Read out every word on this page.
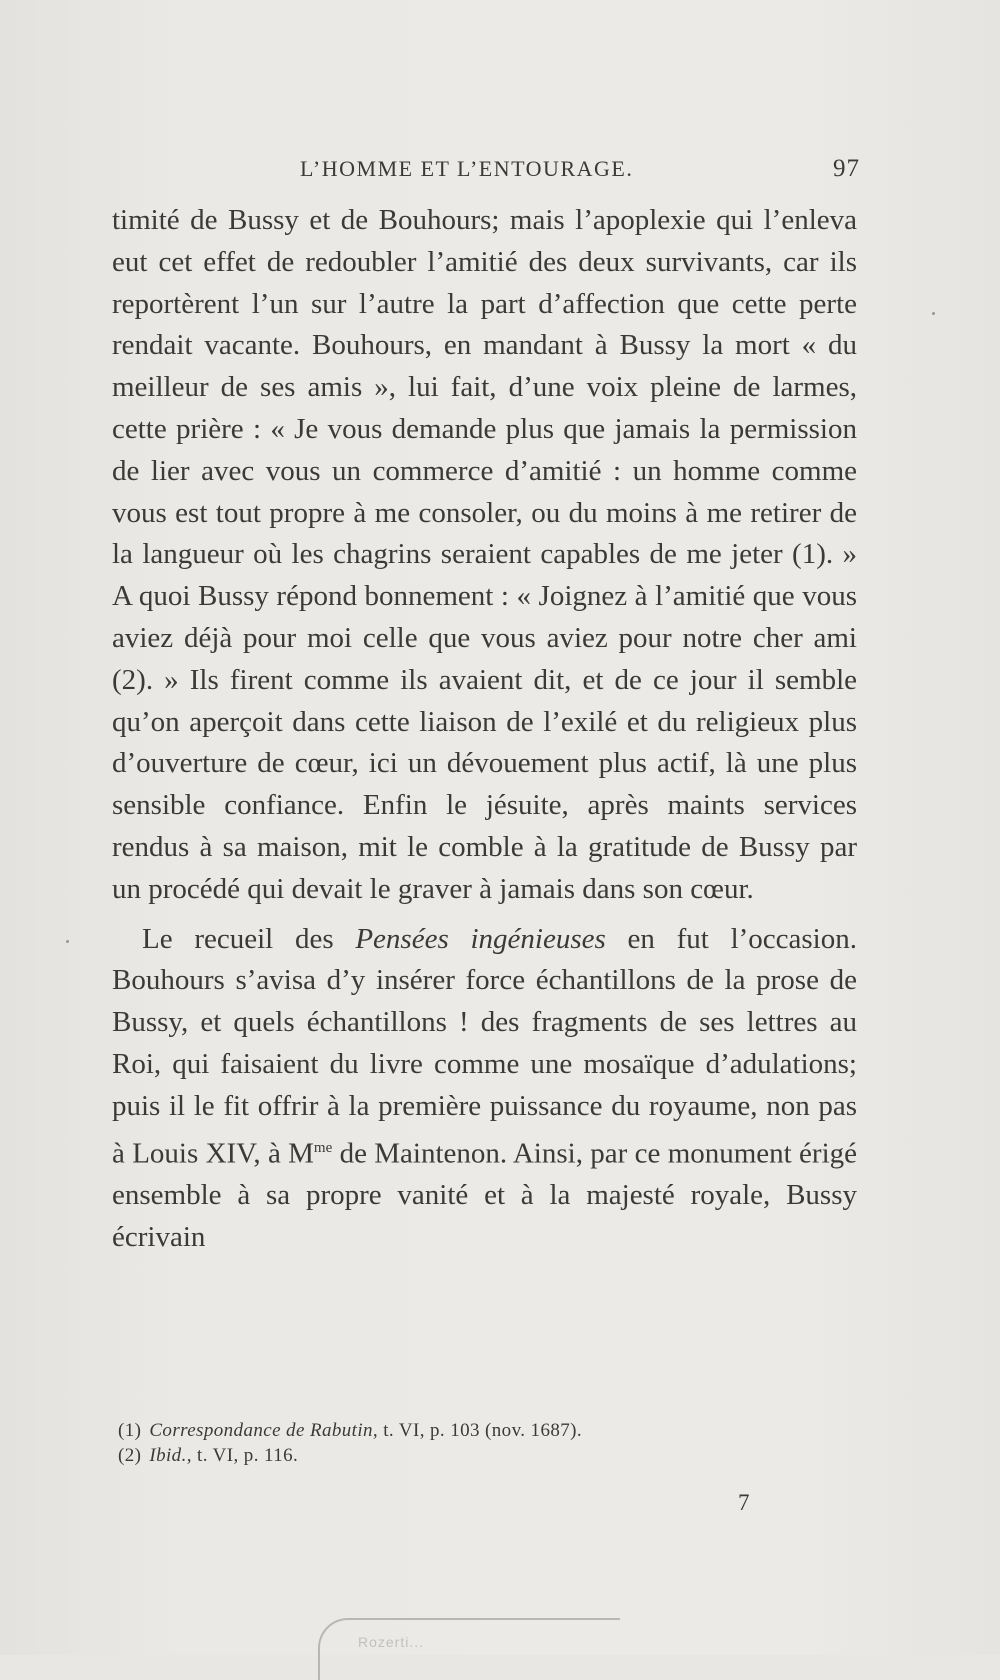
L’HOMME ET L’ENTOURAGE.	97

timité de Bussy et de Bouhours; mais l’apoplexie qui l’enleva eut cet effet de redoubler l’amitié des deux survivants, car ils reportèrent l’un sur l’autre la part d’affection que cette perte rendait vacante. Bouhours, en mandant à Bussy la mort « du meilleur de ses amis », lui fait, d’une voix pleine de larmes, cette prière : « Je vous demande plus que jamais la permission de lier avec vous un commerce d’amitié : un homme comme vous est tout propre à me consoler, ou du moins à me retirer de la langueur où les chagrins seraient capables de me jeter (1). » A quoi Bussy répond bonnement : « Joignez à l’amitié que vous aviez déjà pour moi celle que vous aviez pour notre cher ami (2). » Ils firent comme ils avaient dit, et de ce jour il semble qu’on aperçoit dans cette liaison de l’exilé et du religieux plus d’ouverture de cœur, ici un dévouement plus actif, là une plus sensible confiance. Enfin le jésuite, après maints services rendus à sa maison, mit le comble à la gratitude de Bussy par un procédé qui devait le graver à jamais dans son cœur.

Le recueil des Pensées ingénieuses en fut l’occasion. Bouhours s’avisa d’y insérer force échantillons de la prose de Bussy, et quels échantillons ! des fragments de ses lettres au Roi, qui faisaient du livre comme une mosaïque d’adulations; puis il le fit offrir à la première puissance du royaume, non pas à Louis XIV, à $M^{me}$ de Maintenon. Ainsi, par ce monument érigé ensemble à sa propre vanité et à la majesté royale, Bussy écrivain

(1) Correspondance de Rabutin, t. VI, p. 103 (nov. 1687).

(2) Ibid., t. VI, p. 116.

7
Rozerti...
